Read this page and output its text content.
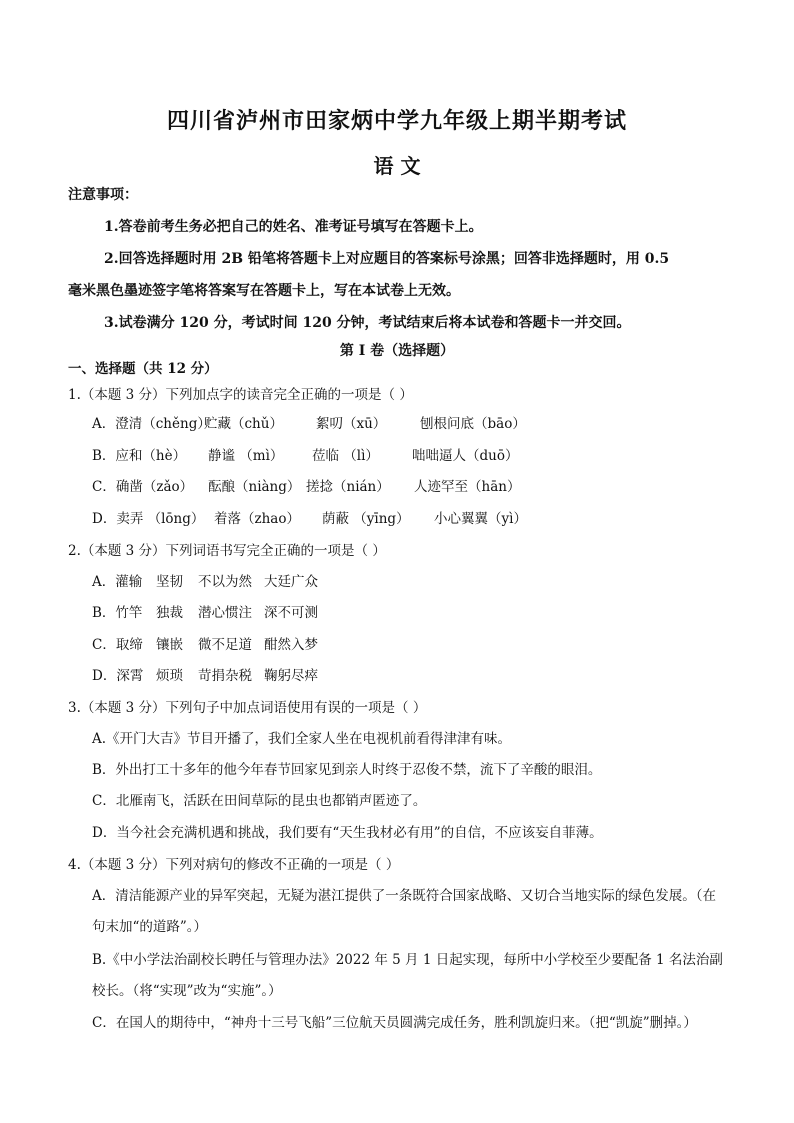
四川省泸州市田家炳中学九年级上期半期考试
语 文
注意事项：
1.答卷前考生务必把自己的姓名、准考证号填写在答题卡上。
2.回答选择题时用 2B 铅笔将答题卡上对应题目的答案标号涂黑；回答非选择题时，用 0.5
毫米黑色墨迹签字笔将答案写在答题卡上，写在本试卷上无效。
3.试卷满分 120 分，考试时间 120 分钟，考试结束后将本试卷和答题卡一并交回。
第 I 卷（选择题）
一、选择题（共 12 分）
1.（本题 3 分）下列加点字的读音完全正确的一项是（ ）
A．澄清（chěng）
贮藏（chǔ） 絮叨（xū） 刨根问底（bāo）
B．应和（hè） 静谧 （mì） 莅临 （lì） 咄咄逼人（duō）
C．确凿（zǎo） 酝酿（niàng） 搓捻（nián） 人迹罕至（hān）
D．卖弄 （lōng） 着落（zhao） 荫蔽 （yīng） 小心翼翼（yì）
2.（本题 3 分）下列词语书写完全正确的一项是（ ）
A．灌输 坚韧 不以为然 大廷广众
B．竹竿 独裁 潜心惯注 深不可测
C．取缔 镶嵌 微不足道 酣然入梦
D．深霄 烦琐 苛捐杂税 鞠躬尽瘁
3.（本题 3 分）下列句子中加点词语使用有误的一项是（ ）
A.《开门大吉》节目开播了，我们全家人坐在电视机前看得津津有味。
B．外出打工十多年的他今年春节回家见到亲人时终于忍俊不禁，流下了辛酸的眼泪。
C．北雁南飞，活跃在田间草际的昆虫也都销声匿迹了。
D．当今社会充满机遇和挑战，我们要有“天生我材必有用”的自信，不应该妄自菲薄。
4.（本题 3 分）下列对病句的修改不正确的一项是（ ）
A．清洁能源产业的异军突起，无疑为湛江提供了一条既符合国家战略、又切合当地实际的绿色发展。（在
句末加“的道路”。）
B.《中小学法治副校长聘任与管理办法》2022 年 5 月 1 日起实现，每所中小学校至少要配备 1 名法治副
校长。（将“实现”改为“实施”。）
C．在国人的期待中，“神舟十三号飞船”三位航天员圆满完成任务，胜利凯旋归来。（把“凯旋”删掉。）
